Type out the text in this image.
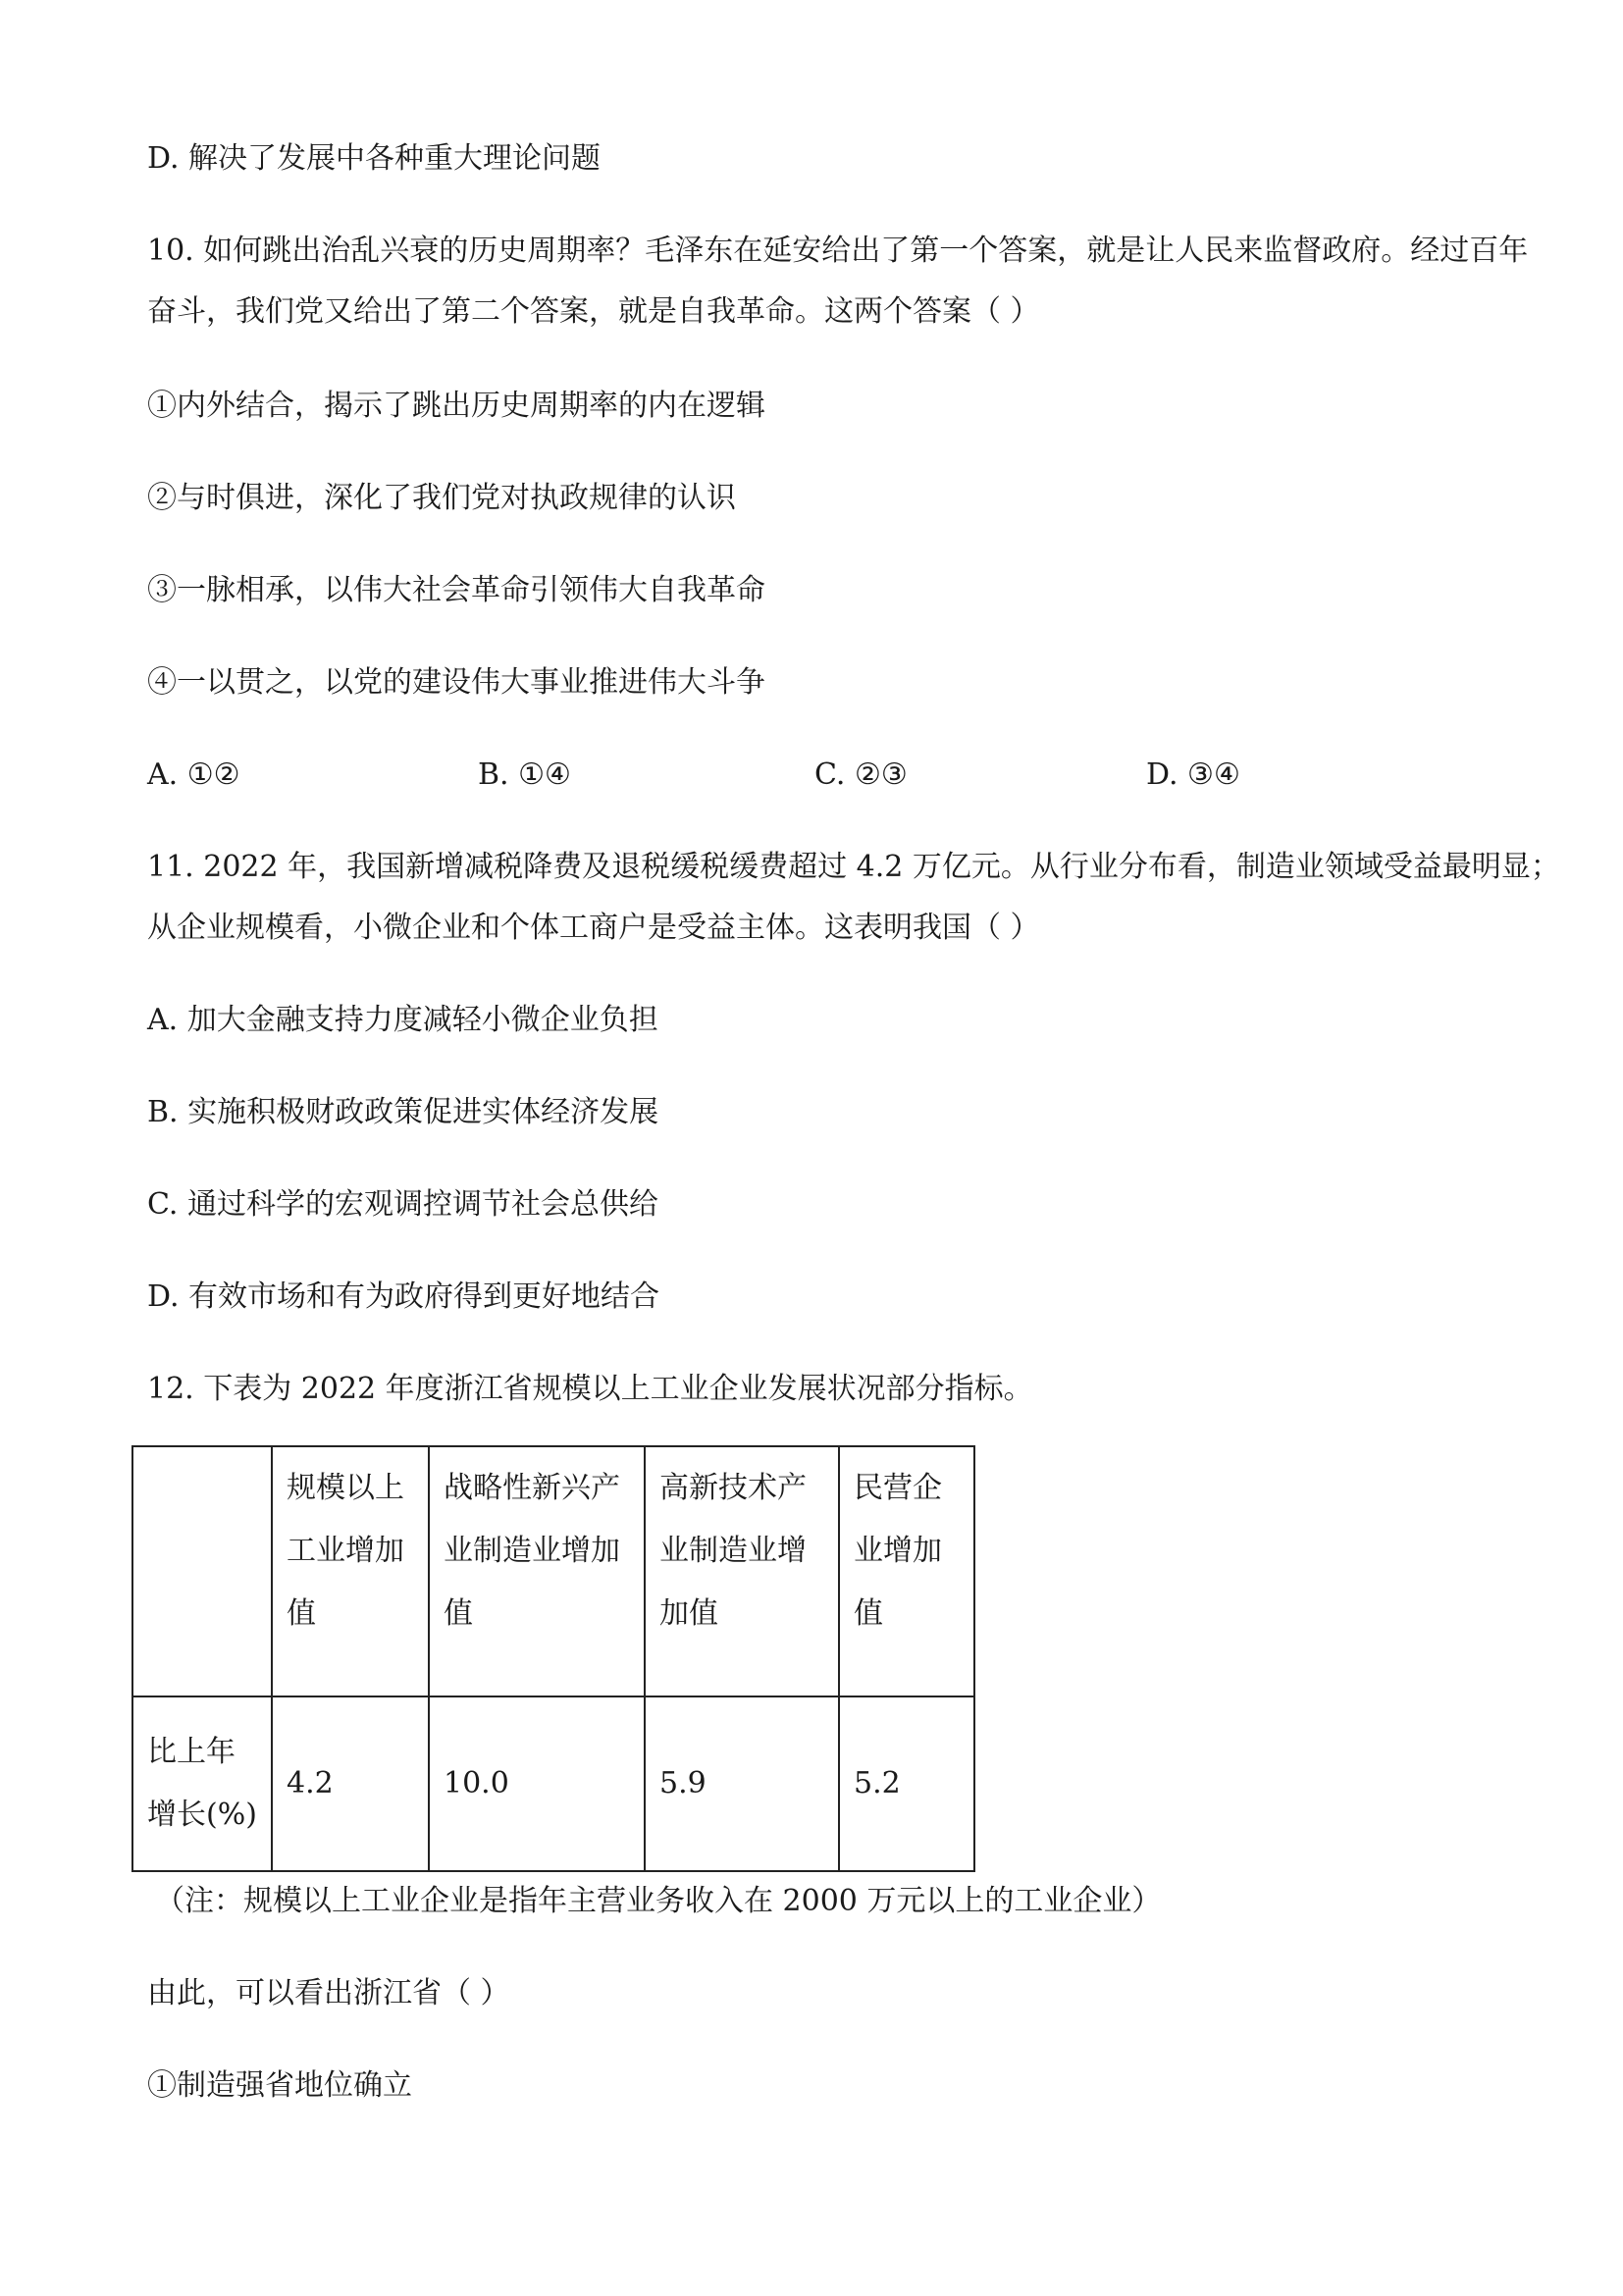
D. 解决了发展中各种重大理论问题
10. 如何跳出治乱兴衰的历史周期率？毛泽东在延安给出了第一个答案，就是让人民来监督政府。经过百年
奋斗，我们党又给出了第二个答案，就是自我革命。这两个答案（ ）
①内外结合，揭示了跳出历史周期率的内在逻辑
②与时俱进，深化了我们党对执政规律的认识
③一脉相承，以伟大社会革命引领伟大自我革命
④一以贯之，以党的建设伟大事业推进伟大斗争
A. ①②	B. ①④	C. ②③	D. ③④
11. 2022 年，我国新增减税降费及退税缓税缓费超过 4.2 万亿元。从行业分布看，制造业领域受益最明显；
从企业规模看，小微企业和个体工商户是受益主体。这表明我国（ ）
A. 加大金融支持力度减轻小微企业负担
B. 实施积极财政政策促进实体经济发展
C. 通过科学的宏观调控调节社会总供给
D. 有效市场和有为政府得到更好地结合
12. 下表为 2022 年度浙江省规模以上工业企业发展状况部分指标。

	规模以上工业增加值	战略性新兴产业制造业增加值	高新技术产业制造业增加值	民营企业增加值

比上年增长(%)	4.2	10.0	5.9	5.2
（注：规模以上工业企业是指年主营业务收入在 2000 万元以上的工业企业）
由此，可以看出浙江省（ ）
①制造强省地位确立
